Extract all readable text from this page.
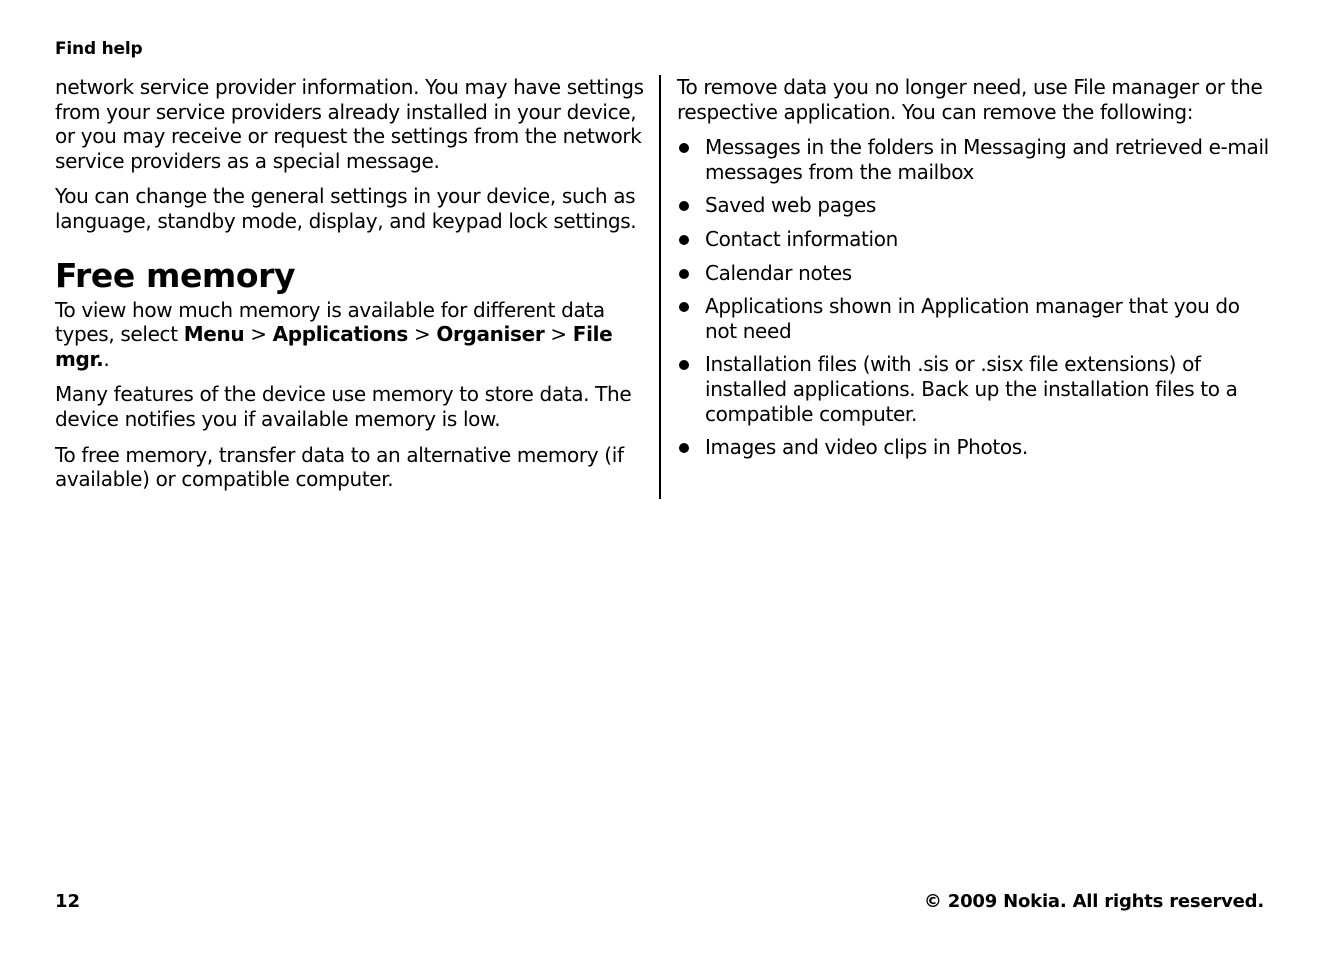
Find help

network service provider information. You may have settings from your service providers already installed in your device, or you may receive or request the settings from the network service providers as a special message.

You can change the general settings in your device, such as language, standby mode, display, and keypad lock settings.

Free memory

To view how much memory is available for different data types, select Menu > Applications > Organiser > File mgr..

Many features of the device use memory to store data. The device notifies you if available memory is low.

To free memory, transfer data to an alternative memory (if available) or compatible computer.

To remove data you no longer need, use File manager or the respective application. You can remove the following:

Messages in the folders in Messaging and retrieved e-mail messages from the mailbox
Saved web pages
Contact information
Calendar notes
Applications shown in Application manager that you do not need
Installation files (with .sis or .sisx file extensions) of installed applications. Back up the installation files to a compatible computer.
Images and video clips in Photos.
12	© 2009 Nokia. All rights reserved.
